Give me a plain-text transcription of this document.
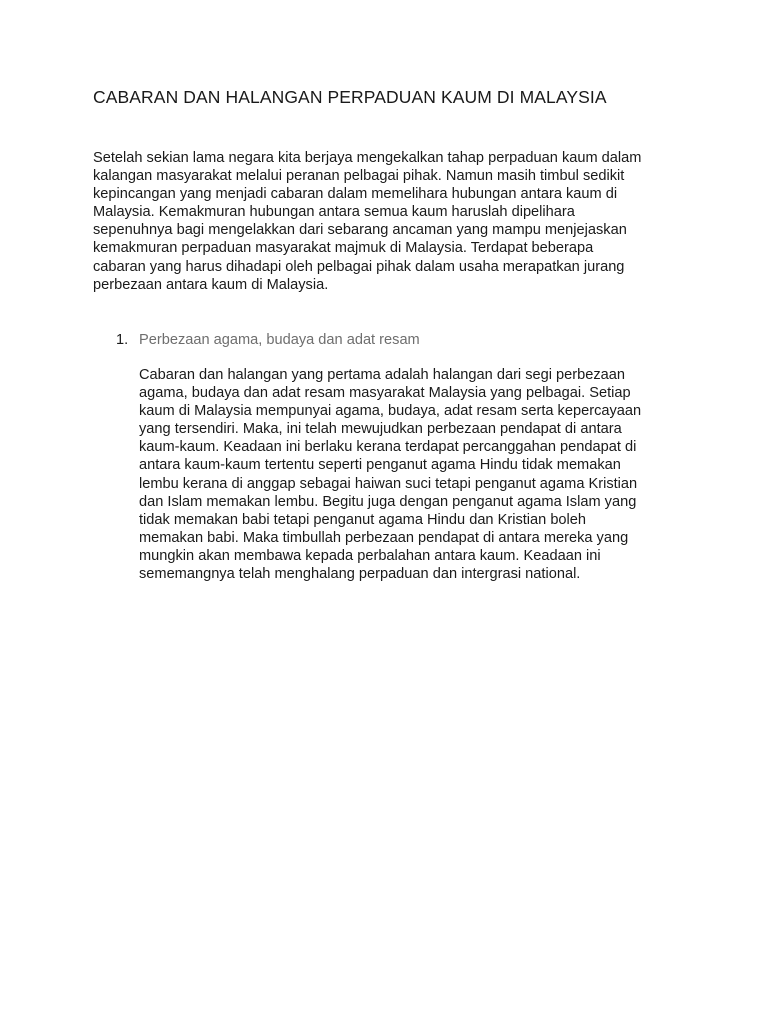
CABARAN DAN HALANGAN PERPADUAN KAUM DI MALAYSIA

Setelah sekian lama negara kita berjaya mengekalkan tahap perpaduan kaum dalam
kalangan masyarakat melalui peranan pelbagai pihak. Namun masih timbul sedikit
kepincangan yang menjadi cabaran dalam memelihara hubungan antara kaum di
Malaysia. Kemakmuran hubungan antara semua kaum haruslah dipelihara
sepenuhnya bagi mengelakkan dari sebarang ancaman yang mampu menjejaskan
kemakmuran perpaduan masyarakat majmuk di Malaysia. Terdapat beberapa
cabaran yang harus dihadapi oleh pelbagai pihak dalam usaha merapatkan jurang
perbezaan antara kaum di Malaysia.

1. Perbezaan agama, budaya dan adat resam

Cabaran dan halangan yang pertama adalah halangan dari segi perbezaan
agama, budaya dan adat resam masyarakat Malaysia yang pelbagai. Setiap
kaum di Malaysia mempunyai agama, budaya, adat resam serta kepercayaan
yang tersendiri. Maka, ini telah mewujudkan perbezaan pendapat di antara
kaum-kaum. Keadaan ini berlaku kerana terdapat percanggahan pendapat di
antara kaum-kaum tertentu seperti penganut agama Hindu tidak memakan
lembu kerana di anggap sebagai haiwan suci tetapi penganut agama Kristian
dan Islam memakan lembu. Begitu juga dengan penganut agama Islam yang
tidak memakan babi tetapi penganut agama Hindu dan Kristian boleh
memakan babi. Maka timbullah perbezaan pendapat di antara mereka yang
mungkin akan membawa kepada perbalahan antara kaum. Keadaan ini
sememangnya telah menghalang perpaduan dan intergrasi national.
